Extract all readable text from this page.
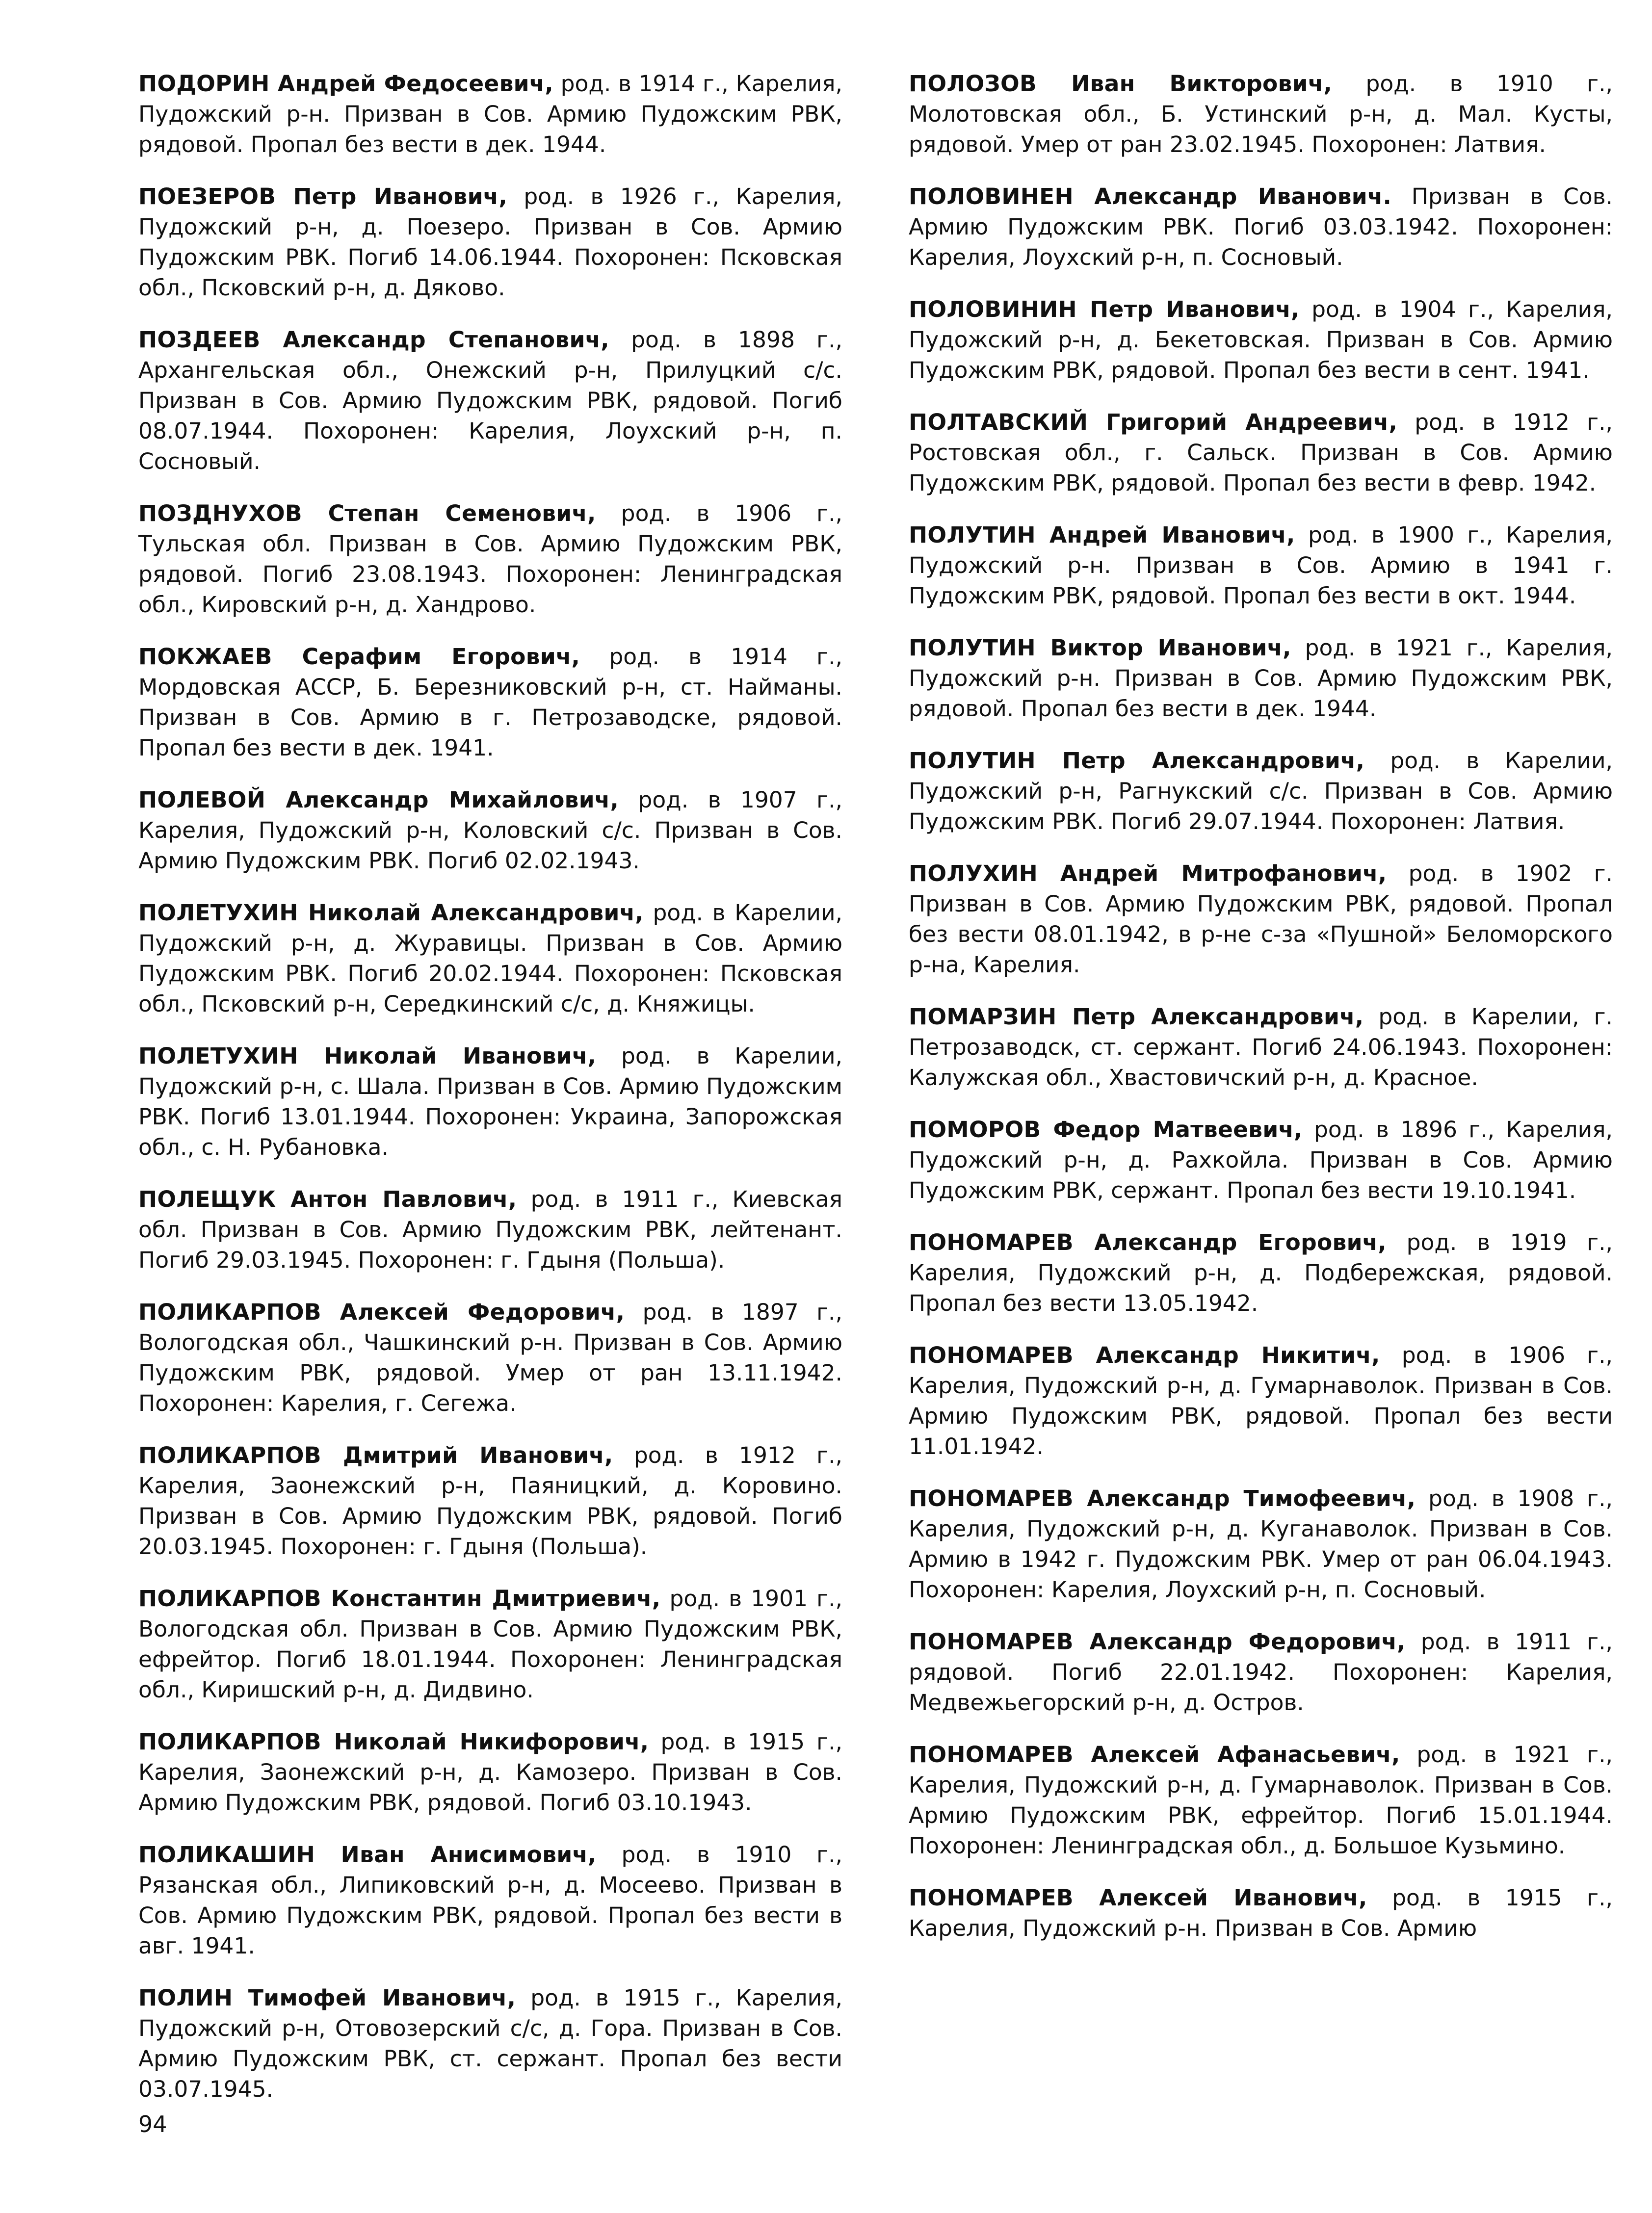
ПОДОРИН Андрей Федосеевич, род. в 1914 г., Карелия, Пудожский р-н. Призван в Сов. Армию Пудожским РВК, рядовой. Пропал без вести в дек. 1944.

ПОЕЗЕРОВ Петр Иванович, род. в 1926 г., Карелия, Пудожский р-н, д. Поезеро. Призван в Сов. Армию Пудожским РВК. Погиб 14.06.1944. Похоронен: Псковская обл., Псковский р-н, д. Дяково.

ПОЗДЕЕВ Александр Степанович, род. в 1898 г., Архангельская обл., Онежский р-н, Прилуцкий с/с. Призван в Сов. Армию Пудожским РВК, рядовой. Погиб 08.07.1944. Похоронен: Карелия, Лоухский р-н, п. Сосновый.

ПОЗДНУХОВ Степан Семенович, род. в 1906 г., Тульская обл. Призван в Сов. Армию Пудожским РВК, рядовой. Погиб 23.08.1943. Похоронен: Ленинградская обл., Кировский р-н, д. Хандрово.

ПОКЖАЕВ Серафим Егорович, род. в 1914 г., Мордовская АССР, Б. Березниковский р-н, ст. Найманы. Призван в Сов. Армию в г. Петрозаводске, рядовой. Пропал без вести в дек. 1941.

ПОЛЕВОЙ Александр Михайлович, род. в 1907 г., Карелия, Пудожский р-н, Коловский с/с. Призван в Сов. Армию Пудожским РВК. Погиб 02.02.1943.

ПОЛЕТУХИН Николай Александрович, род. в Карелии, Пудожский р-н, д. Журавицы. Призван в Сов. Армию Пудожским РВК. Погиб 20.02.1944. Похоронен: Псковская обл., Псковский р-н, Середкинский с/с, д. Княжицы.

ПОЛЕТУХИН Николай Иванович, род. в Карелии, Пудожский р-н, с. Шала. Призван в Сов. Армию Пудожским РВК. Погиб 13.01.1944. Похоронен: Украина, Запорожская обл., с. Н. Рубановка.

ПОЛЕЩУК Антон Павлович, род. в 1911 г., Киевская обл. Призван в Сов. Армию Пудожским РВК, лейтенант. Погиб 29.03.1945. Похоронен: г. Гдыня (Польша).

ПОЛИКАРПОВ Алексей Федорович, род. в 1897 г., Вологодская обл., Чашкинский р-н. Призван в Сов. Армию Пудожским РВК, рядовой. Умер от ран 13.11.1942. Похоронен: Карелия, г. Сегежа.

ПОЛИКАРПОВ Дмитрий Иванович, род. в 1912 г., Карелия, Заонежский р-н, Паяницкий, д. Коровино. Призван в Сов. Армию Пудожским РВК, рядовой. Погиб 20.03.1945. Похоронен: г. Гдыня (Польша).

ПОЛИКАРПОВ Константин Дмитриевич, род. в 1901 г., Вологодская обл. Призван в Сов. Армию Пудожским РВК, ефрейтор. Погиб 18.01.1944. Похоронен: Ленинградская обл., Киришский р-н, д. Дидвино.

ПОЛИКАРПОВ Николай Никифорович, род. в 1915 г., Карелия, Заонежский р-н, д. Камозеро. Призван в Сов. Армию Пудожским РВК, рядовой. Погиб 03.10.1943.

ПОЛИКАШИН Иван Анисимович, род. в 1910 г., Рязанская обл., Липиковский р-н, д. Мосеево. Призван в Сов. Армию Пудожским РВК, рядовой. Пропал без вести в авг. 1941.

ПОЛИН Тимофей Иванович, род. в 1915 г., Карелия, Пудожский р-н, Отовозерский с/с, д. Гора. Призван в Сов. Армию Пудожским РВК, ст. сержант. Пропал без вести 03.07.1945.

ПОЛОЗОВ Иван Викторович, род. в 1910 г., Молотовская обл., Б. Устинский р-н, д. Мал. Кусты, рядовой. Умер от ран 23.02.1945. Похоронен: Латвия.

ПОЛОВИНЕН Александр Иванович. Призван в Сов. Армию Пудожским РВК. Погиб 03.03.1942. Похоронен: Карелия, Лоухский р-н, п. Сосновый.

ПОЛОВИНИН Петр Иванович, род. в 1904 г., Карелия, Пудожский р-н, д. Бекетовская. Призван в Сов. Армию Пудожским РВК, рядовой. Пропал без вести в сент. 1941.

ПОЛТАВСКИЙ Григорий Андреевич, род. в 1912 г., Ростовская обл., г. Сальск. Призван в Сов. Армию Пудожским РВК, рядовой. Пропал без вести в февр. 1942.

ПОЛУТИН Андрей Иванович, род. в 1900 г., Карелия, Пудожский р-н. Призван в Сов. Армию в 1941 г. Пудожским РВК, рядовой. Пропал без вести в окт. 1944.

ПОЛУТИН Виктор Иванович, род. в 1921 г., Карелия, Пудожский р-н. Призван в Сов. Армию Пудожским РВК, рядовой. Пропал без вести в дек. 1944.

ПОЛУТИН Петр Александрович, род. в Карелии, Пудожский р-н, Рагнукский с/с. Призван в Сов. Армию Пудожским РВК. Погиб 29.07.1944. Похоронен: Латвия.

ПОЛУХИН Андрей Митрофанович, род. в 1902 г. Призван в Сов. Армию Пудожским РВК, рядовой. Пропал без вести 08.01.1942, в р-не с-за «Пушной» Беломорского р-на, Карелия.

ПОМАРЗИН Петр Александрович, род. в Карелии, г. Петрозаводск, ст. сержант. Погиб 24.06.1943. Похоронен: Калужская обл., Хвастовичский р-н, д. Красное.

ПОМОРОВ Федор Матвеевич, род. в 1896 г., Карелия, Пудожский р-н, д. Рахкойла. Призван в Сов. Армию Пудожским РВК, сержант. Пропал без вести 19.10.1941.

ПОНОМАРЕВ Александр Егорович, род. в 1919 г., Карелия, Пудожский р-н, д. Подбережская, рядовой. Пропал без вести 13.05.1942.

ПОНОМАРЕВ Александр Никитич, род. в 1906 г., Карелия, Пудожский р-н, д. Гумарнаволок. Призван в Сов. Армию Пудожским РВК, рядовой. Пропал без вести 11.01.1942.

ПОНОМАРЕВ Александр Тимофеевич, род. в 1908 г., Карелия, Пудожский р-н, д. Куганаволок. Призван в Сов. Армию в 1942 г. Пудожским РВК. Умер от ран 06.04.1943. Похоронен: Карелия, Лоухский р-н, п. Сосновый.

ПОНОМАРЕВ Александр Федорович, род. в 1911 г., рядовой. Погиб 22.01.1942. Похоронен: Карелия, Медвежьегорский р-н, д. Остров.

ПОНОМАРЕВ Алексей Афанасьевич, род. в 1921 г., Карелия, Пудожский р-н, д. Гумарнаволок. Призван в Сов. Армию Пудожским РВК, ефрейтор. Погиб 15.01.1944. Похоронен: Ленинградская обл., д. Большое Кузьмино.

ПОНОМАРЕВ Алексей Иванович, род. в 1915 г., Карелия, Пудожский р-н. Призван в Сов. Армию

94
